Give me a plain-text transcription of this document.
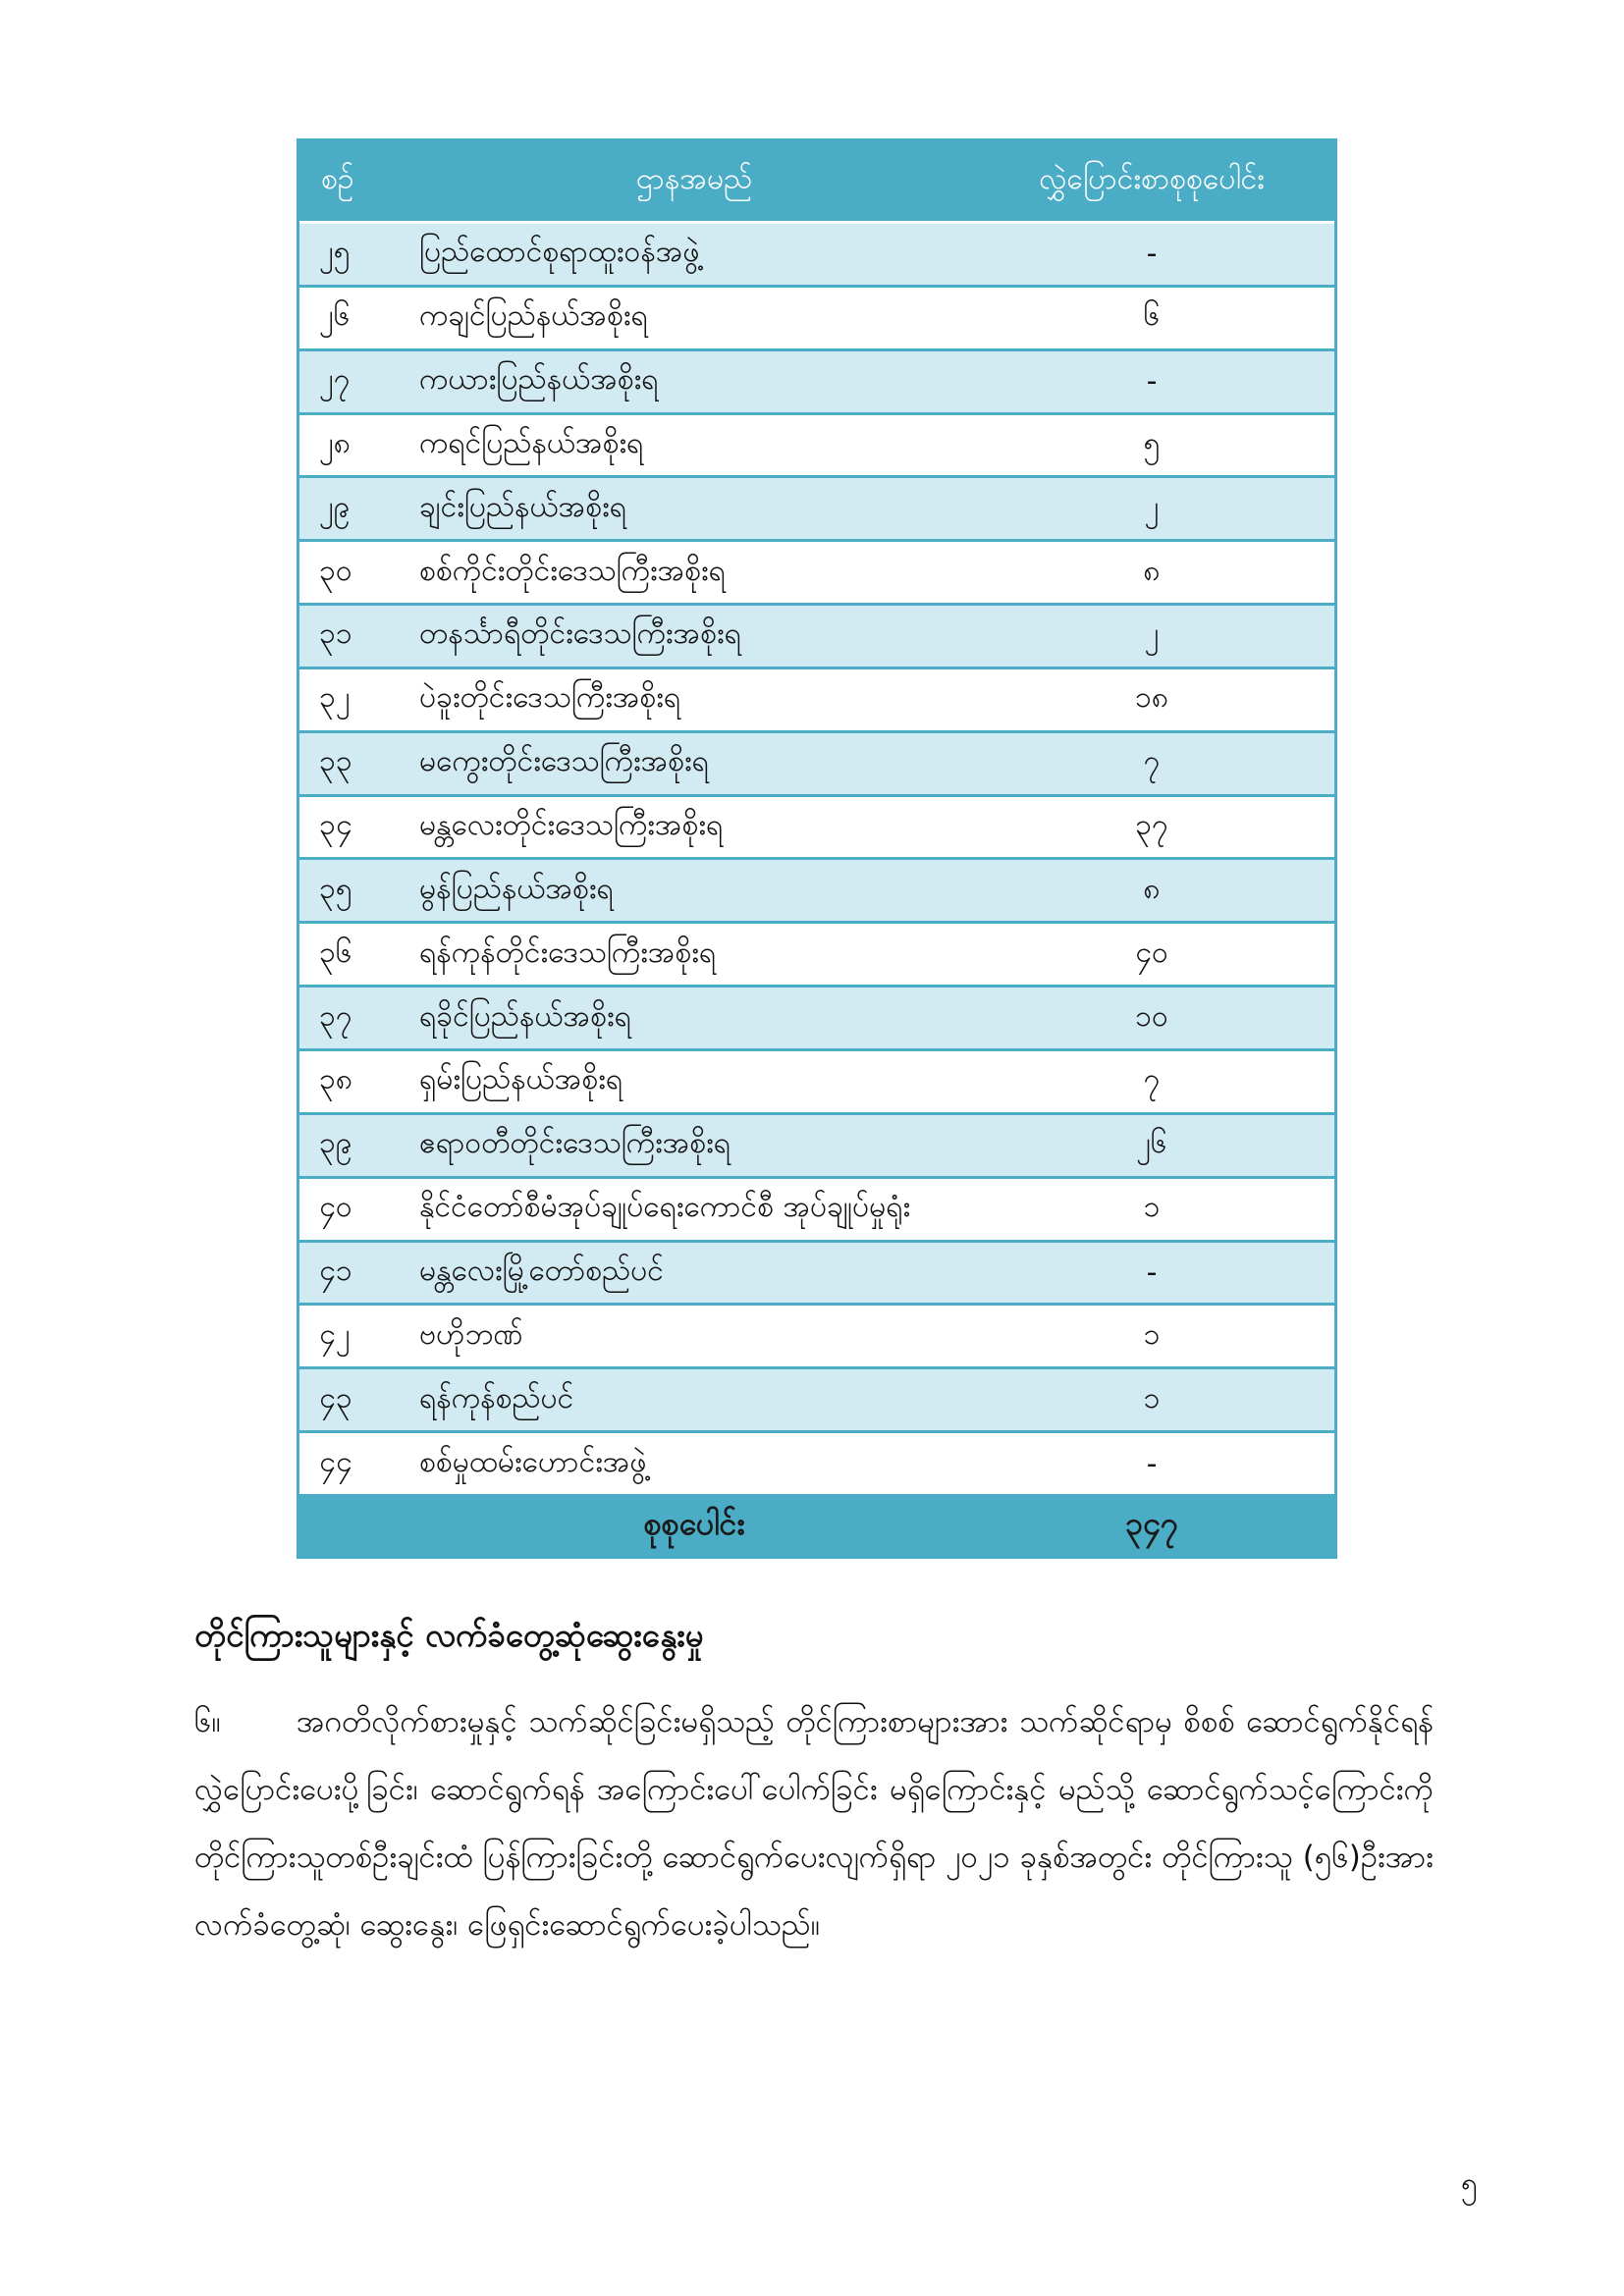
စဉ်	ဌာနအမည်	လွှဲပြောင်းစာစုစုပေါင်း
၂၅	ပြည်ထောင်စုရာထူးဝန်အဖွဲ့	-
၂၆	ကချင်ပြည်နယ်အစိုးရ	၆
၂၇	ကယားပြည်နယ်အစိုးရ	-
၂၈	ကရင်ပြည်နယ်အစိုးရ	၅
၂၉	ချင်းပြည်နယ်အစိုးရ	၂
၃၀	စစ်ကိုင်းတိုင်းဒေသကြီးအစိုးရ	၈
၃၁	တနင်္သာရီတိုင်းဒေသကြီးအစိုးရ	၂
၃၂	ပဲခူးတိုင်းဒေသကြီးအစိုးရ	၁၈
၃၃	မကွေးတိုင်းဒေသကြီးအစိုးရ	၇
၃၄	မန္တလေးတိုင်းဒေသကြီးအစိုးရ	၃၇
၃၅	မွန်ပြည်နယ်အစိုးရ	၈
၃၆	ရန်ကုန်တိုင်းဒေသကြီးအစိုးရ	၄၀
၃၇	ရခိုင်ပြည်နယ်အစိုးရ	၁၀
၃၈	ရှမ်းပြည်နယ်အစိုးရ	၇
၃၉	ဧရာဝတီတိုင်းဒေသကြီးအစိုးရ	၂၆
၄၀	နိုင်ငံတော်စီမံအုပ်ချုပ်ရေးကောင်စီ အုပ်ချုပ်မှုရုံး	၁
၄၁	မန္တလေးမြို့တော်စည်ပင်	-
၄၂	ဗဟိုဘဏ်	၁
၄၃	ရန်ကုန်စည်ပင်	၁
၄၄	စစ်မှုထမ်းဟောင်းအဖွဲ့	-
	စုစုပေါင်း	၃၄၇
တိုင်ကြားသူများနှင့် လက်ခံတွေ့ဆုံဆွေးနွေးမှု
၆။ အဂတိလိုက်စားမှုနှင့် သက်ဆိုင်ခြင်းမရှိသည့် တိုင်ကြားစာများအား သက်ဆိုင်ရာမှ စိစစ် ဆောင်ရွက်နိုင်ရန် လွှဲပြောင်းပေးပို့ခြင်း၊ ဆောင်ရွက်ရန် အကြောင်းပေါ်ပေါက်ခြင်း မရှိကြောင်းနှင့် မည်သို့ ဆောင်ရွက်သင့်ကြောင်းကို တိုင်ကြားသူတစ်ဦးချင်းထံ ပြန်ကြားခြင်းတို့ ဆောင်ရွက်ပေးလျက်ရှိရာ ၂၀၂၁ ခုနှစ်အတွင်း တိုင်ကြားသူ (၅၆)ဦးအား လက်ခံတွေ့ဆုံ၊ ဆွေးနွေး၊ ဖြေရှင်းဆောင်ရွက်ပေးခဲ့ပါသည်။
၅
